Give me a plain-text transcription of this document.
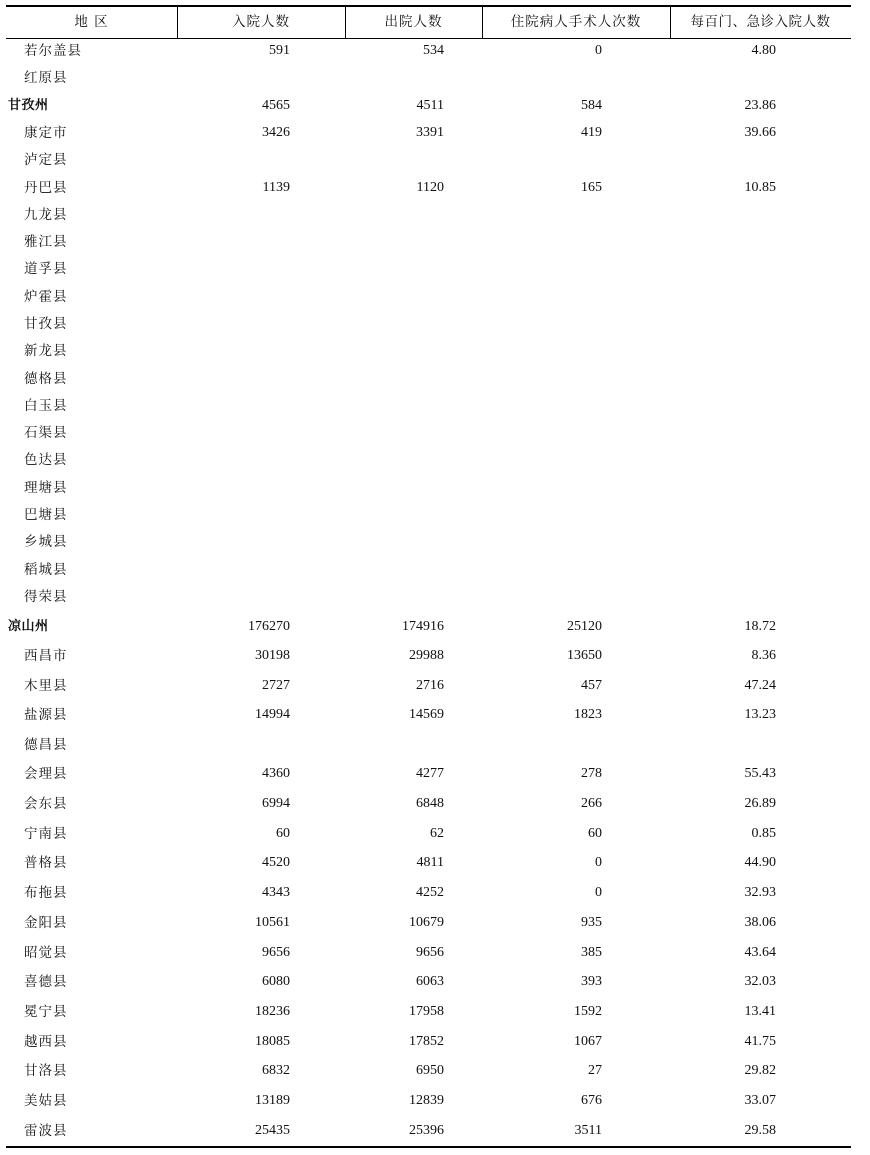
地 区	入院人数	出院人数	住院病人手术人次数	每百门、急诊入院人数
若尔盖县	591	534	0	4.80
红原县
甘孜州	4565	4511	584	23.86
康定市	3426	3391	419	39.66
泸定县
丹巴县	1139	1120	165	10.85
九龙县
雅江县
道孚县
炉霍县
甘孜县
新龙县
德格县
白玉县
石渠县
色达县
理塘县
巴塘县
乡城县
稻城县
得荣县
凉山州	176270	174916	25120	18.72
西昌市	30198	29988	13650	8.36
木里县	2727	2716	457	47.24
盐源县	14994	14569	1823	13.23
德昌县
会理县	4360	4277	278	55.43
会东县	6994	6848	266	26.89
宁南县	60	62	60	0.85
普格县	4520	4811	0	44.90
布拖县	4343	4252	0	32.93
金阳县	10561	10679	935	38.06
昭觉县	9656	9656	385	43.64
喜德县	6080	6063	393	32.03
冕宁县	18236	17958	1592	13.41
越西县	18085	17852	1067	41.75
甘洛县	6832	6950	27	29.82
美姑县	13189	12839	676	33.07
雷波县	25435	25396	3511	29.58
